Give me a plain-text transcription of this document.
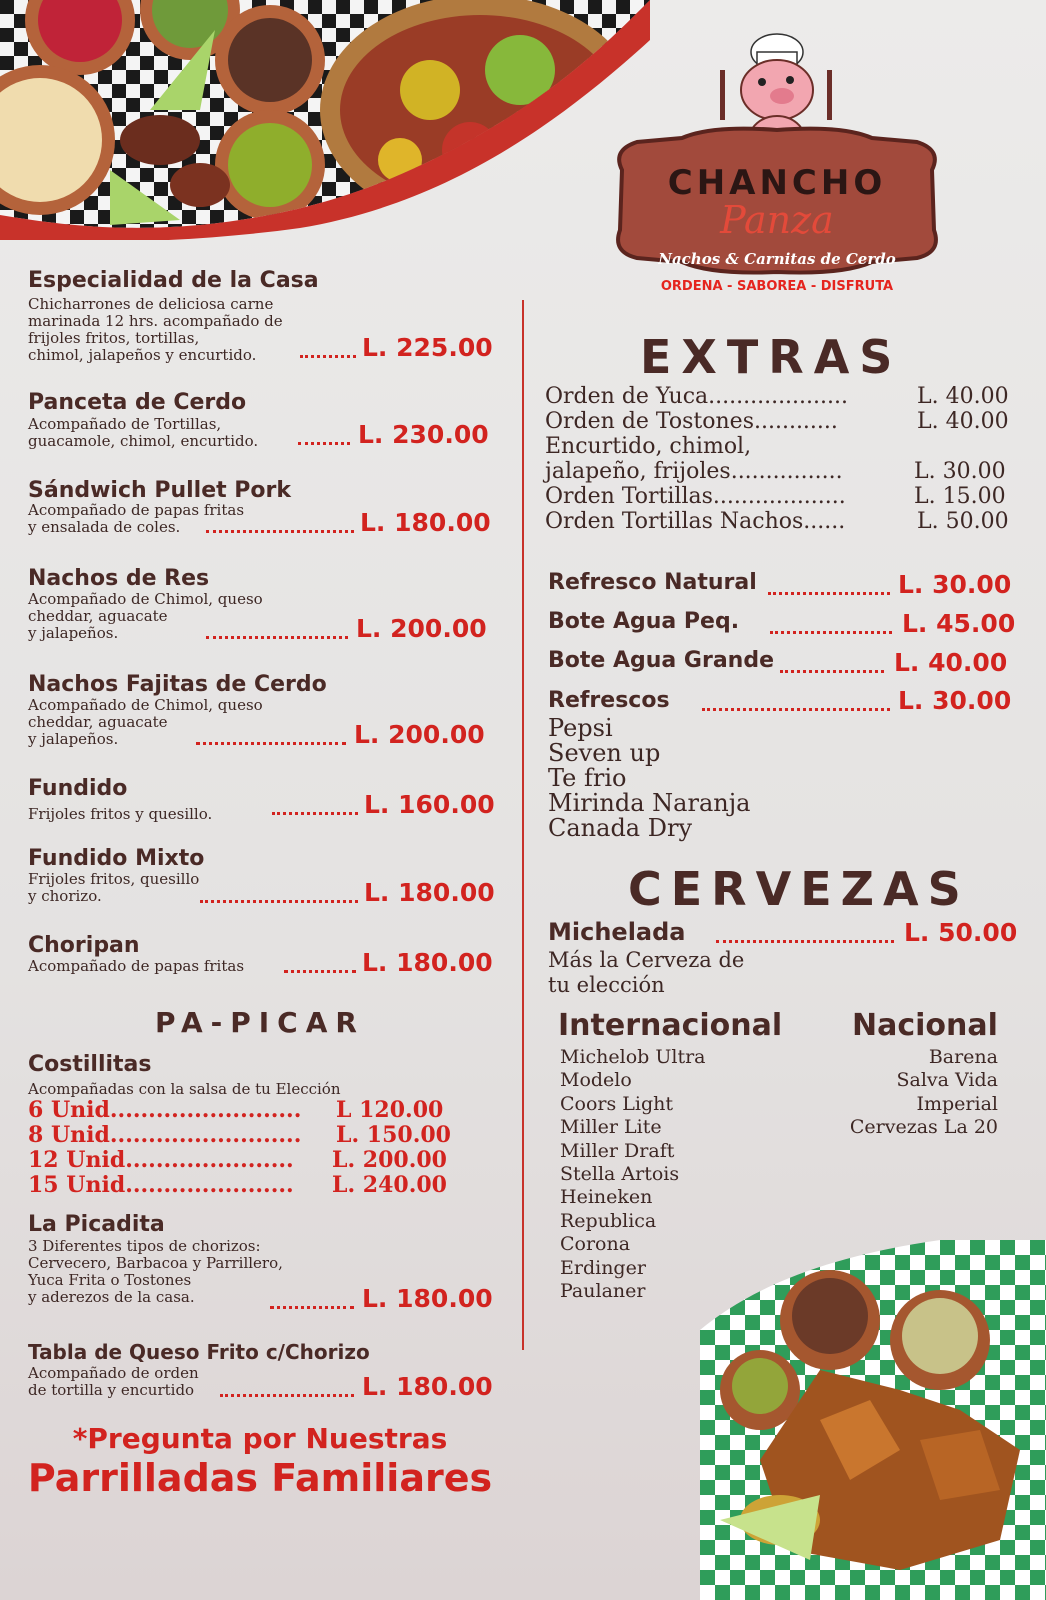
CHANCHO
Panza
Nachos & Carnitas de Cerdo
ORDENA - SABOREA - DISFRUTA
Especialidad de la Casa
Chicharrones de deliciosa carne
marinada 12 hrs. acompañado de
frijoles fritos, tortillas,
chimol, jalapeños y encurtido.	L. 225.00
Panceta de Cerdo
Acompañado de Tortillas,
guacamole, chimol, encurtido.	L. 230.00
Sándwich Pullet Pork
Acompañado de papas fritas
y ensalada de coles.	L. 180.00
Nachos de Res
Acompañado de Chimol, queso
cheddar, aguacate
y jalapeños.	L. 200.00
Nachos Fajitas de Cerdo
Acompañado de Chimol, queso
cheddar, aguacate
y jalapeños.	L. 200.00
Fundido
Frijoles fritos y quesillo.	L. 160.00
Fundido Mixto
Frijoles fritos, quesillo
y chorizo.	L. 180.00
Choripan
Acompañado de papas fritas	L. 180.00
PA-PICAR
Costillitas
Acompañadas con la salsa de tu Elección
6 Unid......................... L 120.00
8 Unid......................... L. 150.00
12 Unid...................... L. 200.00
15 Unid...................... L. 240.00
La Picadita
3 Diferentes tipos de chorizos:
Cervecero, Barbacoa y Parrillero,
Yuca Frita o Tostones
y aderezos de la casa.	L. 180.00
Tabla de Queso Frito c/Chorizo
Acompañado de orden
de tortilla y encurtido	L. 180.00
*Pregunta por Nuestras
Parrilladas Familiares
EXTRAS
Orden de Yuca....................	L. 40.00
Orden de Tostones............	L. 40.00
Encurtido, chimol,
jalapeño, frijoles................	L. 30.00
Orden Tortillas...................	L. 15.00
Orden Tortillas Nachos......	L. 50.00
Refresco Natural	L. 30.00
Bote Agua Peq.	L. 45.00
Bote Agua Grande	L. 40.00
Refrescos	L. 30.00
Pepsi
Seven up
Te frio
Mirinda Naranja
Canada Dry
CERVEZAS
Michelada	L. 50.00
Más la Cerveza de
tu elección
Internacional
Michelob Ultra
Modelo
Coors Light
Miller Lite
Miller Draft
Stella Artois
Heineken
Republica
Corona
Erdinger
Paulaner
Nacional
Barena
Salva Vida
Imperial
Cervezas La 20
